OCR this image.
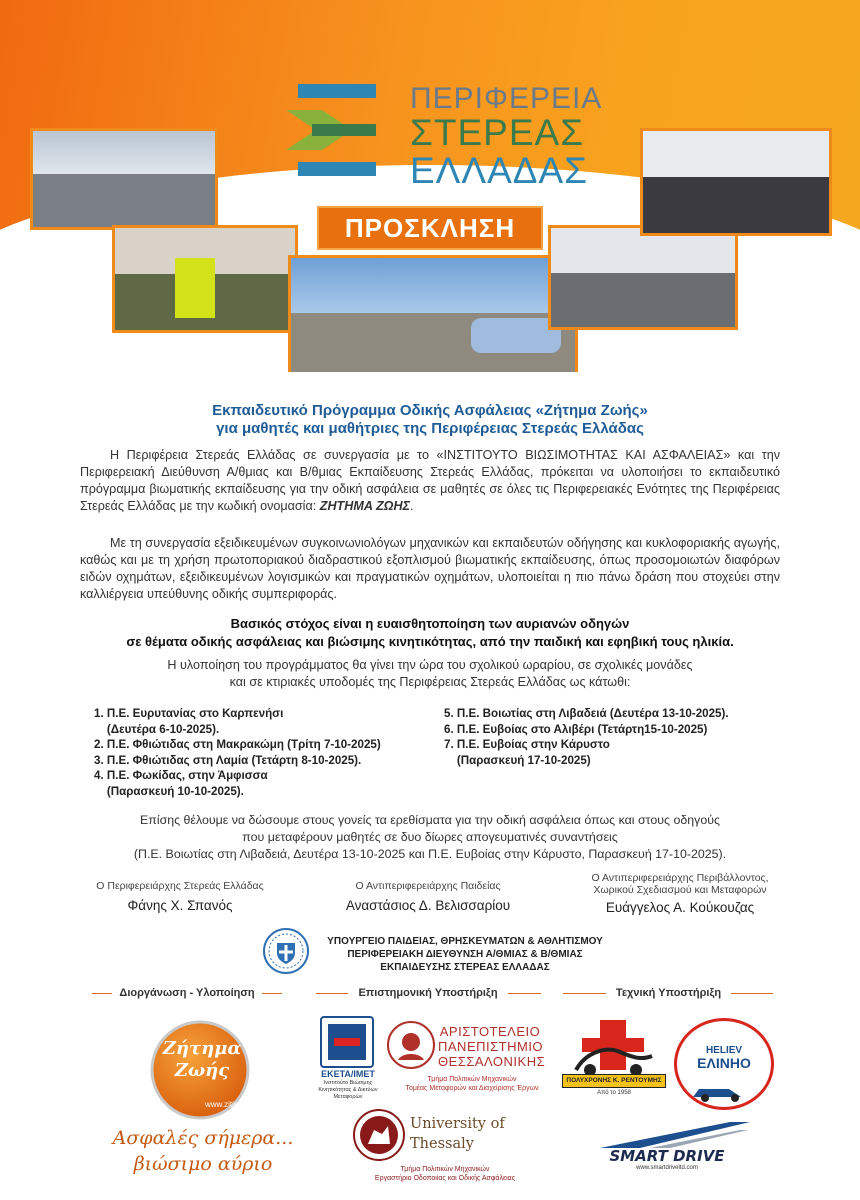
ΠΕΡΙΦΕΡΕΙΑ
ΣΤΕΡΕΑΣ
ΕΛΛΑΔΑΣ
ΠΡΟΣΚΛΗΣΗ
Εκπαιδευτικό Πρόγραμμα Οδικής Ασφάλειας «Ζήτημα Ζωής»
για μαθητές και μαθήτριες της Περιφέρειας Στερεάς Ελλάδας
Η Περιφέρεια Στερεάς Ελλάδας σε συνεργασία με το «ΙΝΣΤΙΤΟΥΤΟ ΒΙΩΣΙΜΟΤΗΤΑΣ ΚΑΙ ΑΣΦΑΛΕΙΑΣ» και την Περιφερειακή Διεύθυνση Α/θμιας και Β/θμιας Εκπαίδευσης Στερεάς Ελλάδας, πρόκειται να υλοποιήσει το εκπαιδευτικό πρόγραμμα βιωματικής εκπαίδευσης για την οδική ασφάλεια σε μαθητές σε όλες τις Περιφερειακές Ενότητες της Περιφέρειας Στερεάς Ελλάδας με την κωδική ονομασία: ΖΗΤΗΜΑ ΖΩΗΣ.
Με τη συνεργασία εξειδικευμένων συγκοινωνιολόγων μηχανικών και εκπαιδευτών οδήγησης και κυκλοφοριακής αγωγής, καθώς και με τη χρήση πρωτοποριακού διαδραστικού εξοπλισμού βιωματικής εκπαίδευσης, όπως προσομοιωτών διαφόρων ειδών οχημάτων, εξειδικευμένων λογισμικών και πραγματικών οχημάτων, υλοποιείται η πιο πάνω δράση που στοχεύει στην καλλιέργεια υπεύθυνης οδικής συμπεριφοράς.
Βασικός στόχος είναι η ευαισθητοποίηση των αυριανών οδηγών
σε θέματα οδικής ασφάλειας και βιώσιμης κινητικότητας, από την παιδική και εφηβική τους ηλικία.
Η υλοποίηση του προγράμματος θα γίνει την ώρα του σχολικού ωραρίου, σε σχολικές μονάδες
και σε κτιριακές υποδομές της Περιφέρειας Στερεάς Ελλάδας ως κάτωθι:
1. Π.Ε. Ευρυτανίας στο Καρπενήσι
(Δευτέρα 6-10-2025).
2. Π.Ε. Φθιώτιδας στη Μακρακώμη (Τρίτη 7-10-2025)
3. Π.Ε. Φθιώτιδας στη Λαμία (Τετάρτη 8-10-2025).
4. Π.Ε. Φωκίδας, στην Άμφισσα
(Παρασκευή 10-10-2025).
5. Π.Ε. Βοιωτίας στη Λιβαδειά (Δευτέρα 13-10-2025).
6. Π.Ε. Ευβοίας στο Αλιβέρι (Τετάρτη15-10-2025)
7. Π.Ε. Ευβοίας στην Κάρυστο
(Παρασκευή 17-10-2025)
Επίσης θέλουμε να δώσουμε στους γονείς τα ερεθίσματα για την οδική ασφάλεια όπως και στους οδηγούς
που μεταφέρουν μαθητές σε δυο δίωρες απογευματινές συναντήσεις
(Π.Ε. Βοιωτίας στη Λιβαδειά, Δευτέρα 13-10-2025 και Π.Ε. Ευβοίας στην Κάρυστο, Παρασκευή 17-10-2025).
Ο Περιφερειάρχης Στερεάς Ελλάδας
Φάνης Χ. Σπανός
Ο Αντιπεριφερειάρχης Παιδείας
Αναστάσιος Δ. Βελισσαρίου
Ο Αντιπεριφερειάρχης Περιβάλλοντος,
Χωρικού Σχεδιασμού και Μεταφορών
Ευάγγελος Α. Κούκουζας
ΥΠΟΥΡΓΕΙΟ ΠΑΙΔΕΙΑΣ, ΘΡΗΣΚΕΥΜΑΤΩΝ & ΑΘΛΗΤΙΣΜΟΥ
ΠΕΡΙΦΕΡΕΙΑΚΗ ΔΙΕΥΘΥΝΣΗ Α/ΘΜΙΑΣ & Β/ΘΜΙΑΣ
ΕΚΠΑΙΔΕΥΣΗΣ ΣΤΕΡΕΑΣ ΕΛΛΑΔΑΣ
Διοργάνωση - Υλοποίηση	Επιστημονική Υποστήριξη	Τεχνική Υποστήριξη
Ζήτημα
Ζωής
www.zitima.gr
Ασφαλές σήμερα...
βιώσιμο αύριο
ΕΚΕΤΑ/ΙΜΕΤ
Ινστιτούτο Βιώσιμης Κινητικότητας & Δικτύων Μεταφορών
ΑΡΙΣΤΟΤΕΛΕΙΟ
ΠΑΝΕΠΙΣΤΗΜΙΟ
ΘΕΣΣΑΛΟΝΙΚΗΣ
Τμήμα Πολιτικών Μηχανικών
Τομέας Μεταφορών και Διαχείρισης Έργων
University of
Thessaly
Τμήμα Πολιτικών Μηχανικών
Εργαστήριο Οδοποιίας και Οδικής Ασφάλειας
ΠΟΛΥΧΡΟΝΗΣ Κ. ΡΕΝΤΟΥΜΗΣ
Από το 1958
HELIEV
ΕΛΙΝΗΟ
SMART DRIVE
www.smartdriveltd.com
